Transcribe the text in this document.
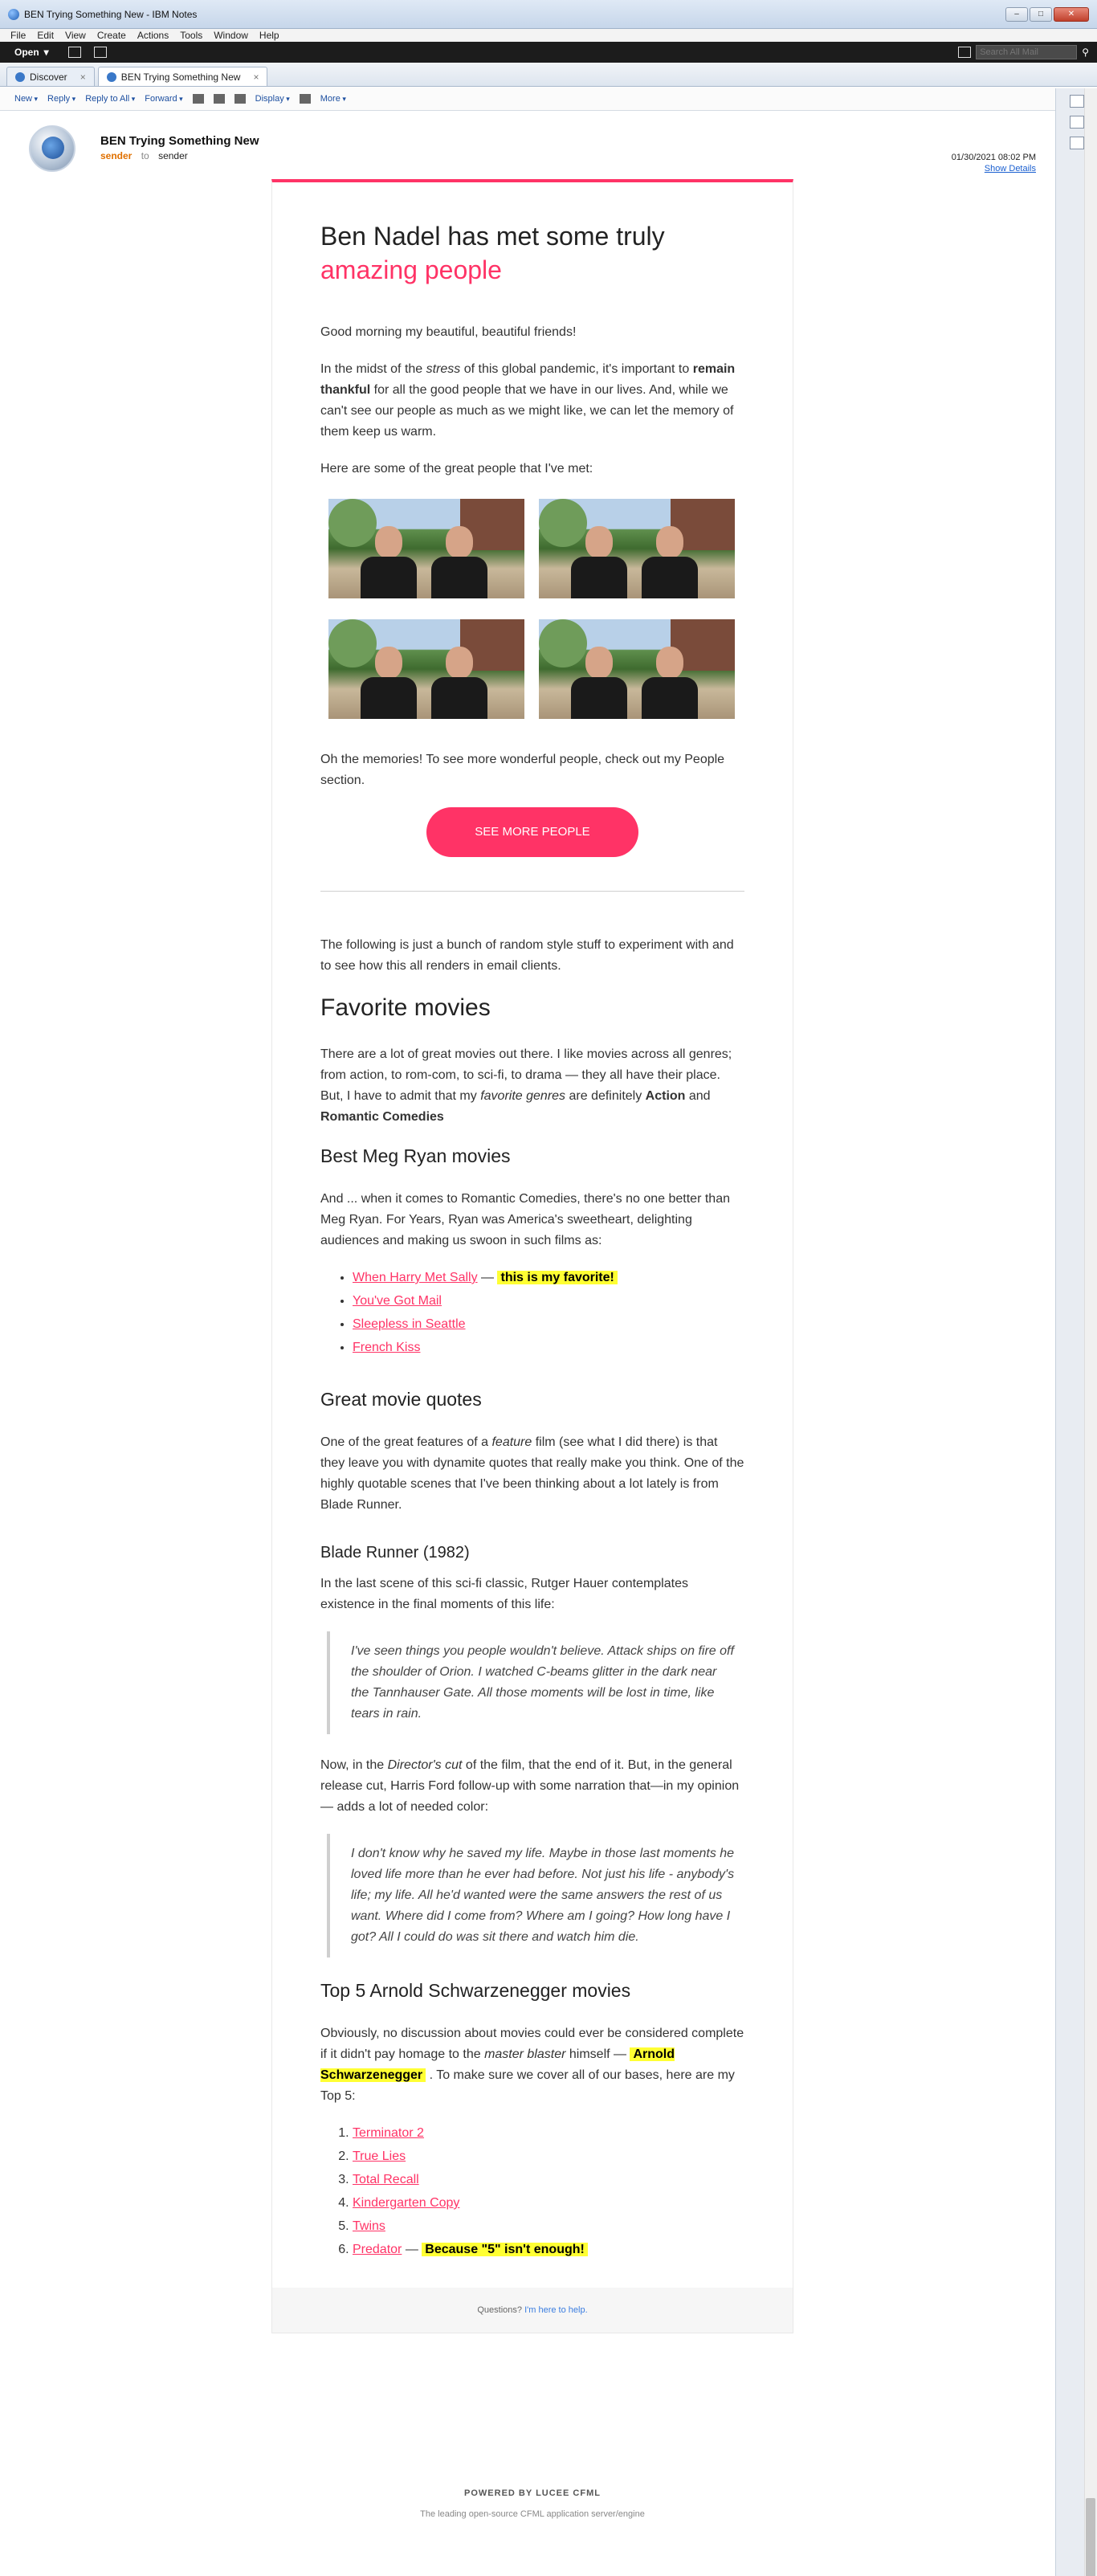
BEN Trying Something New - IBM Notes	–	□	✕
File	Edit	View	Create	Actions	Tools	Window	Help
Open ▾
Search All Mail	⚲
Discover ×	BEN Trying Something New ×
New ▾	Reply ▾	Reply to All ▾	Forward ▾	Display ▾	More ▾
BEN Trying Something New
sender to sender	01/30/2021 08:02 PM
Show Details
Ben Nadel has met some truly
amazing people

Good morning my beautiful, beautiful friends!

In the midst of the stress of this global pandemic, it's important to remain thankful for all the good people that we have in our lives. And, while we can't see our people as much as we might like, we can let the memory of them keep us warm.

Here are some of the great people that I've met:

Oh the memories! To see more wonderful people, check out my People section.

SEE MORE PEOPLE

The following is just a bunch of random style stuff to experiment with and to see how this all renders in email clients.

Favorite movies

There are a lot of great movies out there. I like movies across all genres; from action, to rom-com, to sci-fi, to drama — they all have their place. But, I have to admit that my favorite genres are definitely Action and Romantic Comedies

Best Meg Ryan movies

And ... when it comes to Romantic Comedies, there's no one better than Meg Ryan. For Years, Ryan was America's sweetheart, delighting audiences and making us swoon in such films as:

• When Harry Met Sally — this is my favorite!
• You've Got Mail
• Sleepless in Seattle
• French Kiss
Great movie quotes

One of the great features of a feature film (see what I did there) is that they leave you with dynamite quotes that really make you think. One of the highly quotable scenes that I've been thinking about a lot lately is from Blade Runner.

Blade Runner (1982)

In the last scene of this sci-fi classic, Rutger Hauer contemplates existence in the final moments of this life:

I've seen things you people wouldn't believe. Attack ships on fire off the shoulder of Orion. I watched C-beams glitter in the dark near the Tannhauser Gate. All those moments will be lost in time, like tears in rain.

Now, in the Director's cut of the film, that the end of it. But, in the general release cut, Harris Ford follow-up with some narration that—in my opinion— adds a lot of needed color:

I don't know why he saved my life. Maybe in those last moments he loved life more than he ever had before. Not just his life - anybody's life; my life. All he'd wanted were the same answers the rest of us want. Where did I come from? Where am I going? How long have I got? All I could do was sit there and watch him die.
Top 5 Arnold Schwarzenegger movies

Obviously, no discussion about movies could ever be considered complete if it didn't pay homage to the master blaster himself — Arnold Schwarzenegger . To make sure we cover all of our bases, here are my Top 5:

1. Terminator 2
2. True Lies
3. Total Recall
4. Kindergarten Copy
5. Twins
6. Predator — Because "5" isn't enough!
Questions? I'm here to help.
POWERED BY LUCEE CFML
The leading open-source CFML application server/engine
